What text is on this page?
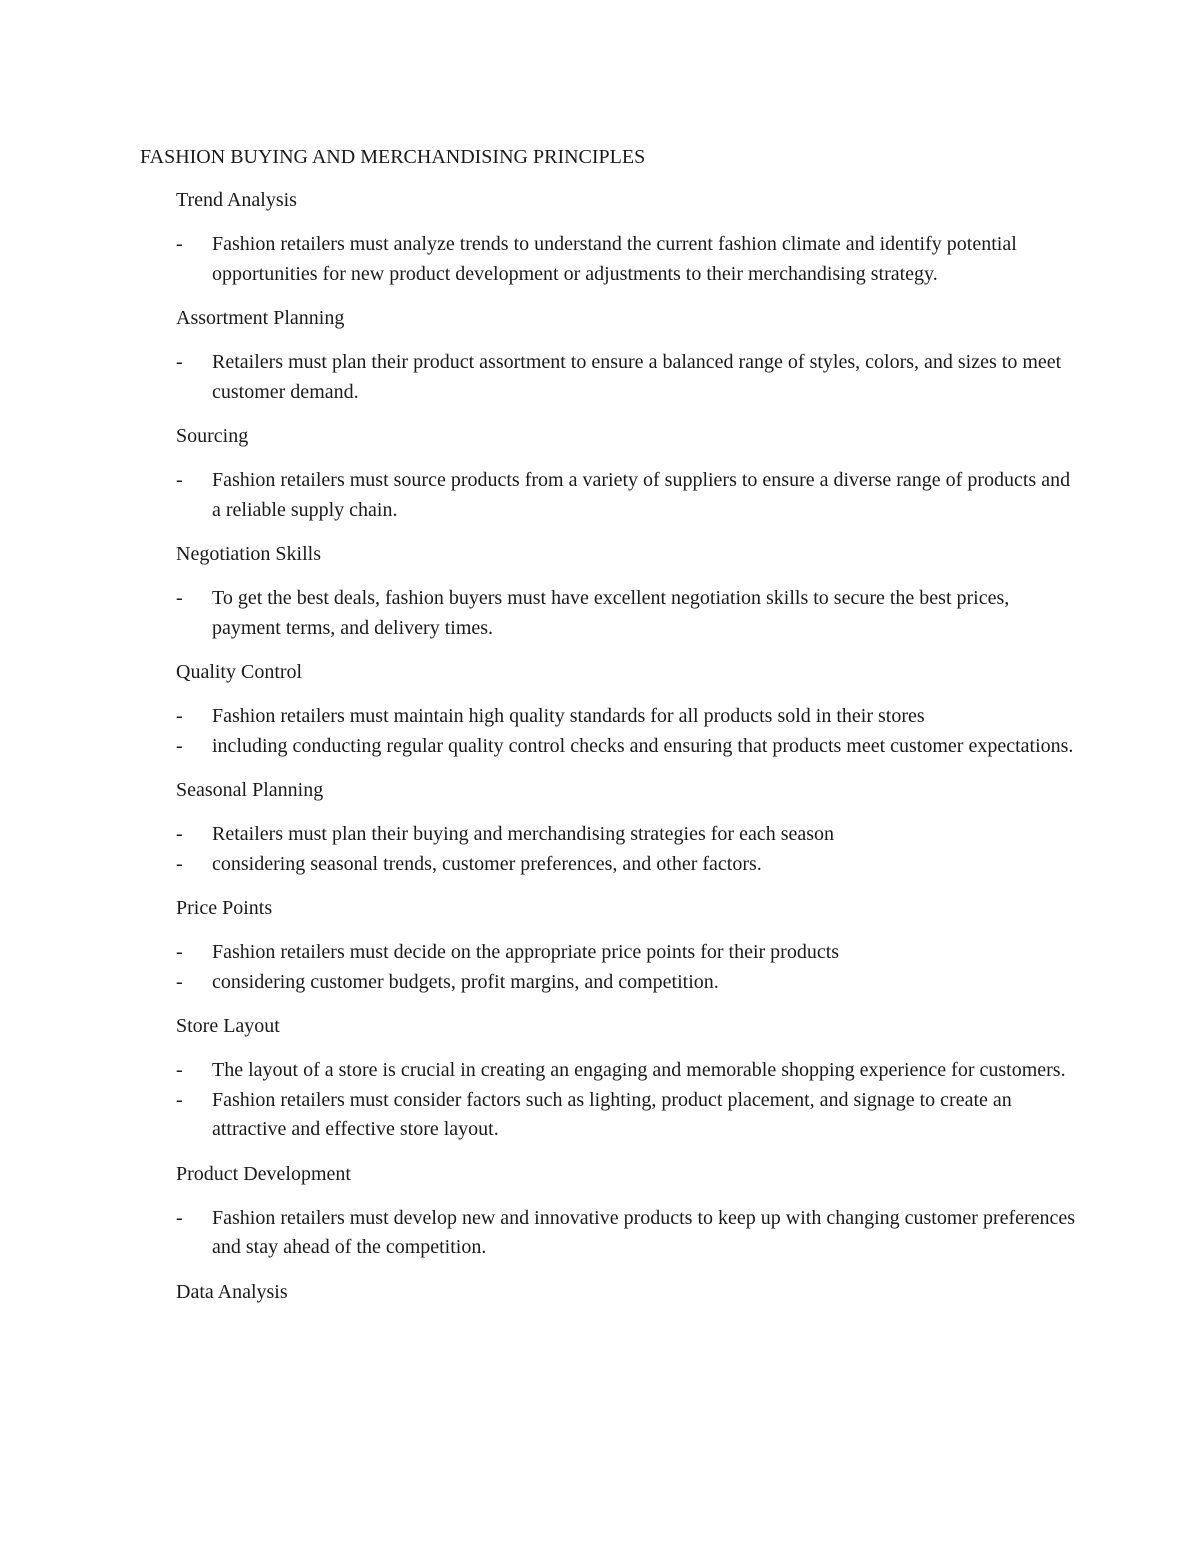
FASHION BUYING AND MERCHANDISING PRINCIPLES
Trend Analysis
- Fashion retailers must analyze trends to understand the current fashion climate and identify potential opportunities for new product development or adjustments to their merchandising strategy.
Assortment Planning
- Retailers must plan their product assortment to ensure a balanced range of styles, colors, and sizes to meet customer demand.
Sourcing
- Fashion retailers must source products from a variety of suppliers to ensure a diverse range of products and a reliable supply chain.
Negotiation Skills
- To get the best deals, fashion buyers must have excellent negotiation skills to secure the best prices, payment terms, and delivery times.
Quality Control
- Fashion retailers must maintain high quality standards for all products sold in their stores
- including conducting regular quality control checks and ensuring that products meet customer expectations.
Seasonal Planning
- Retailers must plan their buying and merchandising strategies for each season
- considering seasonal trends, customer preferences, and other factors.
Price Points
- Fashion retailers must decide on the appropriate price points for their products
- considering customer budgets, profit margins, and competition.
Store Layout
- The layout of a store is crucial in creating an engaging and memorable shopping experience for customers.
- Fashion retailers must consider factors such as lighting, product placement, and signage to create an attractive and effective store layout.
Product Development
- Fashion retailers must develop new and innovative products to keep up with changing customer preferences and stay ahead of the competition.
Data Analysis
